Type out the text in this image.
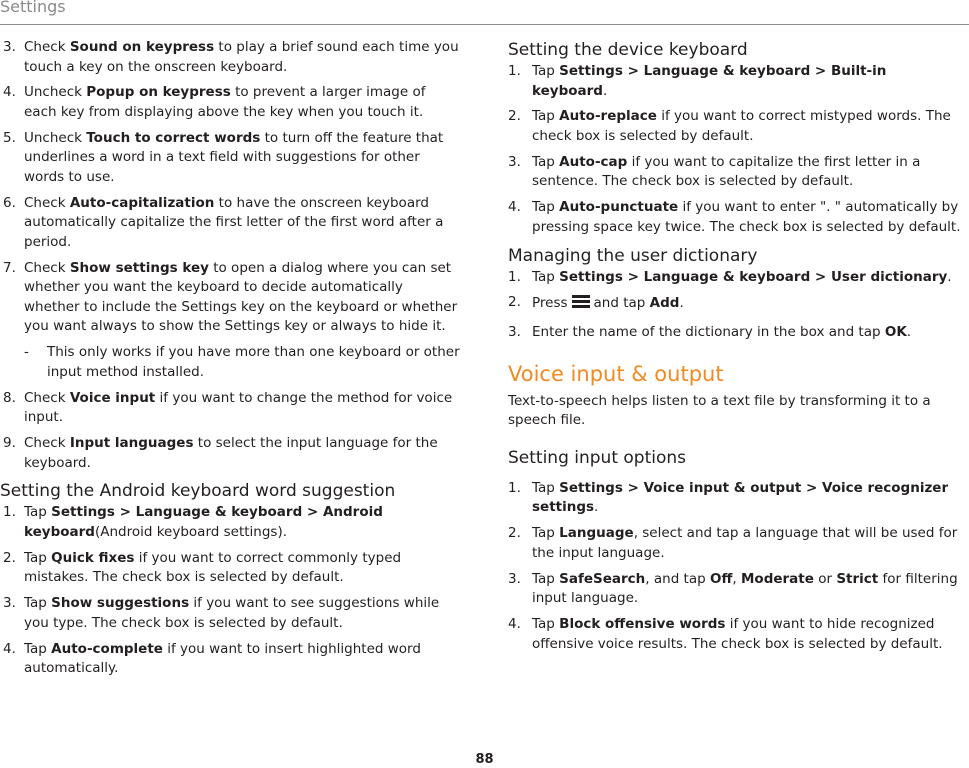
Settings
3. Check Sound on keypress to play a brief sound each time you touch a key on the onscreen keyboard.
4. Uncheck Popup on keypress to prevent a larger image of each key from displaying above the key when you touch it.
5. Uncheck Touch to correct words to turn off the feature that underlines a word in a text field with suggestions for other words to use.
6. Check Auto-capitalization to have the onscreen keyboard automatically capitalize the first letter of the first word after a period.
7. Check Show settings key to open a dialog where you can set whether you want the keyboard to decide automatically whether to include the Settings key on the keyboard or whether you want always to show the Settings key or always to hide it.
- This only works if you have more than one keyboard or other input method installed.
8. Check Voice input if you want to change the method for voice input.
9. Check Input languages to select the input language for the keyboard.
Setting the Android keyboard word suggestion
1. Tap Settings > Language & keyboard > Android keyboard(Android keyboard settings).
2. Tap Quick fixes if you want to correct commonly typed mistakes. The check box is selected by default.
3. Tap Show suggestions if you want to see suggestions while you type. The check box is selected by default.
4. Tap Auto-complete if you want to insert highlighted word automatically.
Setting the device keyboard
1. Tap Settings > Language & keyboard > Built-in keyboard.
2. Tap Auto-replace if you want to correct mistyped words. The check box is selected by default.
3. Tap Auto-cap if you want to capitalize the first letter in a sentence. The check box is selected by default.
4. Tap Auto-punctuate if you want to enter ". " automatically by pressing space key twice. The check box is selected by default.
Managing the user dictionary
1. Tap Settings > Language & keyboard > User dictionary.
2. Press and tap Add.
3. Enter the name of the dictionary in the box and tap OK.
Voice input & output

Text-to-speech helps listen to a text file by transforming it to a speech file.

Setting input options
1. Tap Settings > Voice input & output > Voice recognizer settings.
2. Tap Language, select and tap a language that will be used for the input language.
3. Tap SafeSearch, and tap Off, Moderate or Strict for filtering input language.
4. Tap Block offensive words if you want to hide recognized offensive voice results. The check box is selected by default.
88
